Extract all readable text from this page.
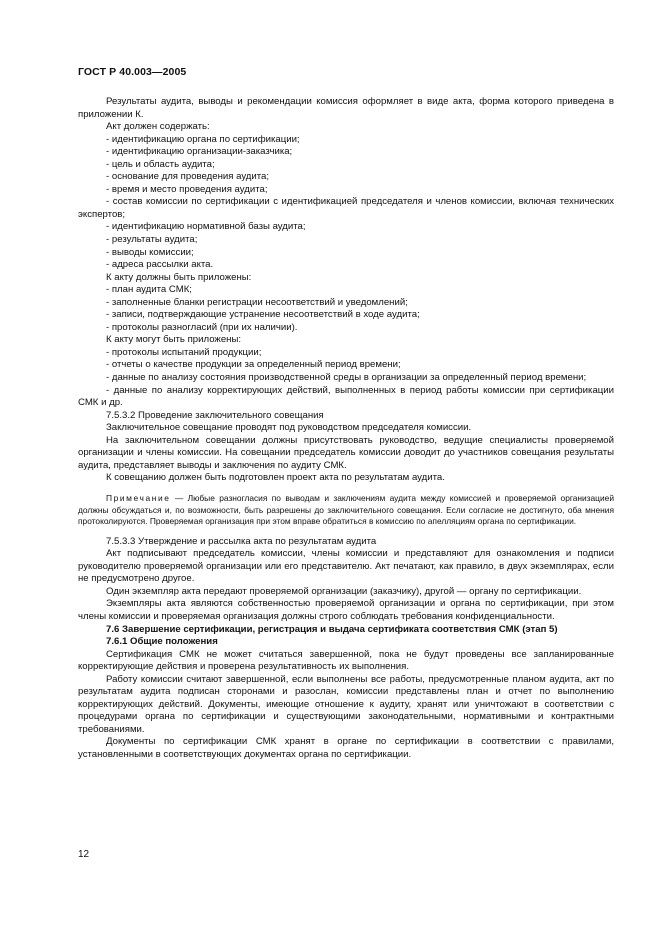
ГОСТ Р 40.003—2005

Результаты аудита, выводы и рекомендации комиссия оформляет в виде акта, форма которого приведена в приложении К.

Акт должен содержать:

- идентификацию органа по сертификации;

- идентификацию организации-заказчика;

- цель и область аудита;

- основание для проведения аудита;

- время и место проведения аудита;

- состав комиссии по сертификации с идентификацией председателя и членов комиссии, включая технических экспертов;

- идентификацию нормативной базы аудита;

- результаты аудита;

- выводы комиссии;

- адреса рассылки акта.

К акту должны быть приложены:

- план аудита СМК;

- заполненные бланки регистрации несоответствий и уведомлений;

- записи, подтверждающие устранение несоответствий в ходе аудита;

- протоколы разногласий (при их наличии).

К акту могут быть приложены:

- протоколы испытаний продукции;

- отчеты о качестве продукции за определенный период времени;

- данные по анализу состояния производственной среды в организации за определенный период времени;

- данные по анализу корректирующих действий, выполненных в период работы комиссии при сертификации СМК и др.

7.5.3.2 Проведение заключительного совещания

Заключительное совещание проводят под руководством председателя комиссии.

На заключительном совещании должны присутствовать руководство, ведущие специалисты проверяемой организации и члены комиссии. На совещании председатель комиссии доводит до участников совещания результаты аудита, представляет выводы и заключения по аудиту СМК.

К совещанию должен быть подготовлен проект акта по результатам аудита.

Примечание — Любые разногласия по выводам и заключениям аудита между комиссией и проверяемой организацией должны обсуждаться и, по возможности, быть разрешены до заключительного совещания. Если согласие не достигнуто, оба мнения протоколируются. Проверяемая организация при этом вправе обратиться в комиссию по апелляциям органа по сертификации.

7.5.3.3 Утверждение и рассылка акта по результатам аудита

Акт подписывают председатель комиссии, члены комиссии и представляют для ознакомления и подписи руководителю проверяемой организации или его представителю. Акт печатают, как правило, в двух экземплярах, если не предусмотрено другое.

Один экземпляр акта передают проверяемой организации (заказчику), другой — органу по сертификации.

Экземпляры акта являются собственностью проверяемой организации и органа по сертификации, при этом члены комиссии и проверяемая организация должны строго соблюдать требования конфиденциальности.

7.6 Завершение сертификации, регистрация и выдача сертификата соответствия СМК (этап 5)

7.6.1 Общие положения

Сертификация СМК не может считаться завершенной, пока не будут проведены все запланированные корректирующие действия и проверена результативность их выполнения.

Работу комиссии считают завершенной, если выполнены все работы, предусмотренные планом аудита, акт по результатам аудита подписан сторонами и разослан, комиссии представлены план и отчет по выполнению корректирующих действий. Документы, имеющие отношение к аудиту, хранят или уничтожают в соответствии с процедурами органа по сертификации и существующими законодательными, нормативными и контрактными требованиями.

Документы по сертификации СМК хранят в органе по сертификации в соответствии с правилами, установленными в соответствующих документах органа по сертификации.

12
